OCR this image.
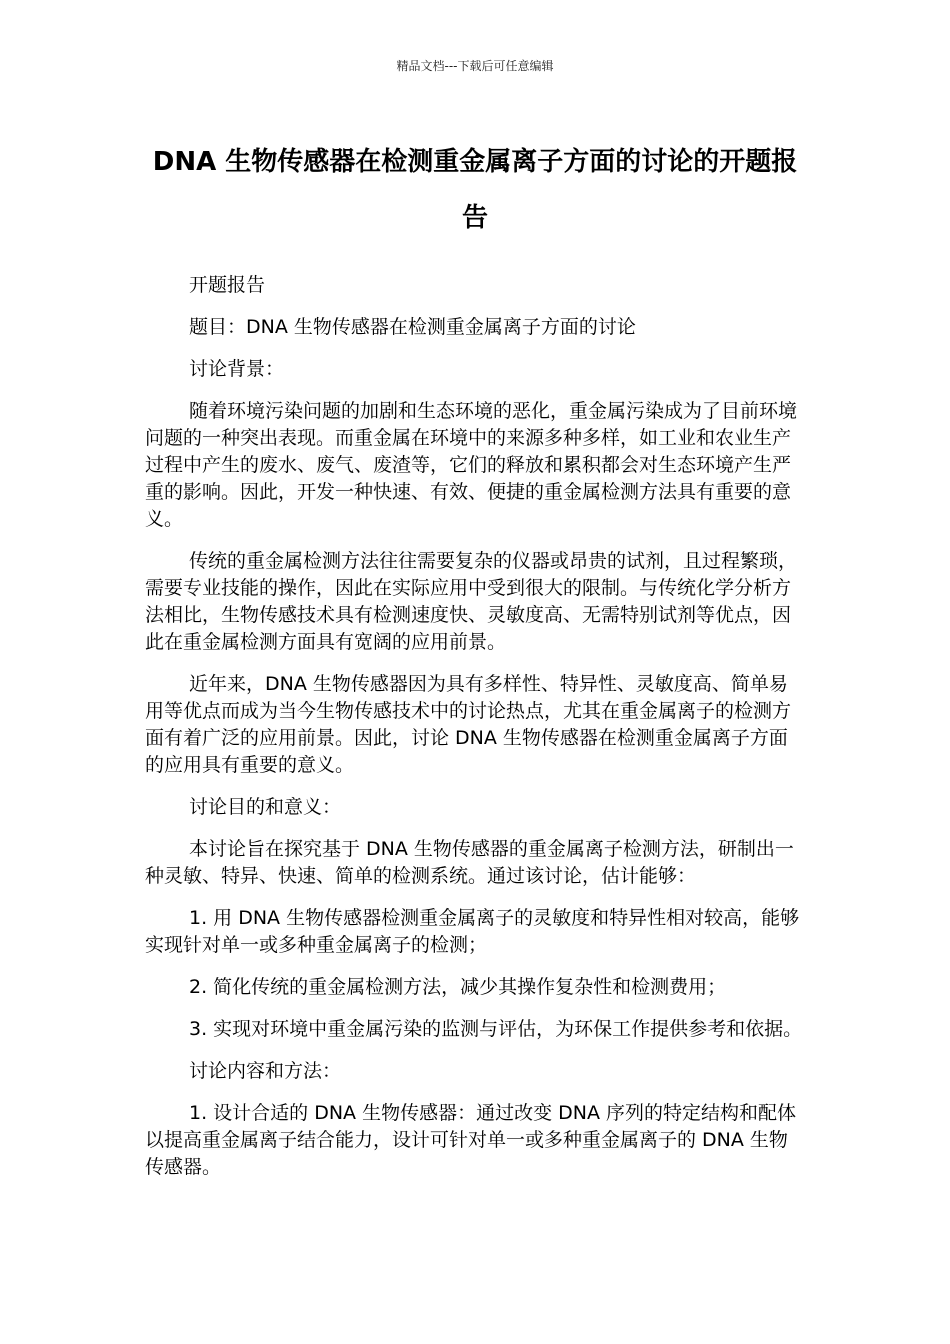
精品文档---下载后可任意编辑
DNA 生物传感器在检测重金属离子方面的讨论的开题报告

开题报告

题目：DNA 生物传感器在检测重金属离子方面的讨论

讨论背景：

随着环境污染问题的加剧和生态环境的恶化，重金属污染成为了目前环境问题的一种突出表现。而重金属在环境中的来源多种多样，如工业和农业生产过程中产生的废水、废气、废渣等，它们的释放和累积都会对生态环境产生严重的影响。因此，开发一种快速、有效、便捷的重金属检测方法具有重要的意义。

传统的重金属检测方法往往需要复杂的仪器或昂贵的试剂，且过程繁琐，需要专业技能的操作，因此在实际应用中受到很大的限制。与传统化学分析方法相比，生物传感技术具有检测速度快、灵敏度高、无需特别试剂等优点，因此在重金属检测方面具有宽阔的应用前景。

近年来，DNA 生物传感器因为具有多样性、特异性、灵敏度高、简单易用等优点而成为当今生物传感技术中的讨论热点，尤其在重金属离子的检测方面有着广泛的应用前景。因此，讨论 DNA 生物传感器在检测重金属离子方面的应用具有重要的意义。

讨论目的和意义：

本讨论旨在探究基于 DNA 生物传感器的重金属离子检测方法，研制出一种灵敏、特异、快速、简单的检测系统。通过该讨论，估计能够：

1. 用 DNA 生物传感器检测重金属离子的灵敏度和特异性相对较高，能够实现针对单一或多种重金属离子的检测；

2. 简化传统的重金属检测方法，减少其操作复杂性和检测费用；

3. 实现对环境中重金属污染的监测与评估，为环保工作提供参考和依据。

讨论内容和方法：

1. 设计合适的 DNA 生物传感器：通过改变 DNA 序列的特定结构和配体以提高重金属离子结合能力，设计可针对单一或多种重金属离子的 DNA 生物传感器。
